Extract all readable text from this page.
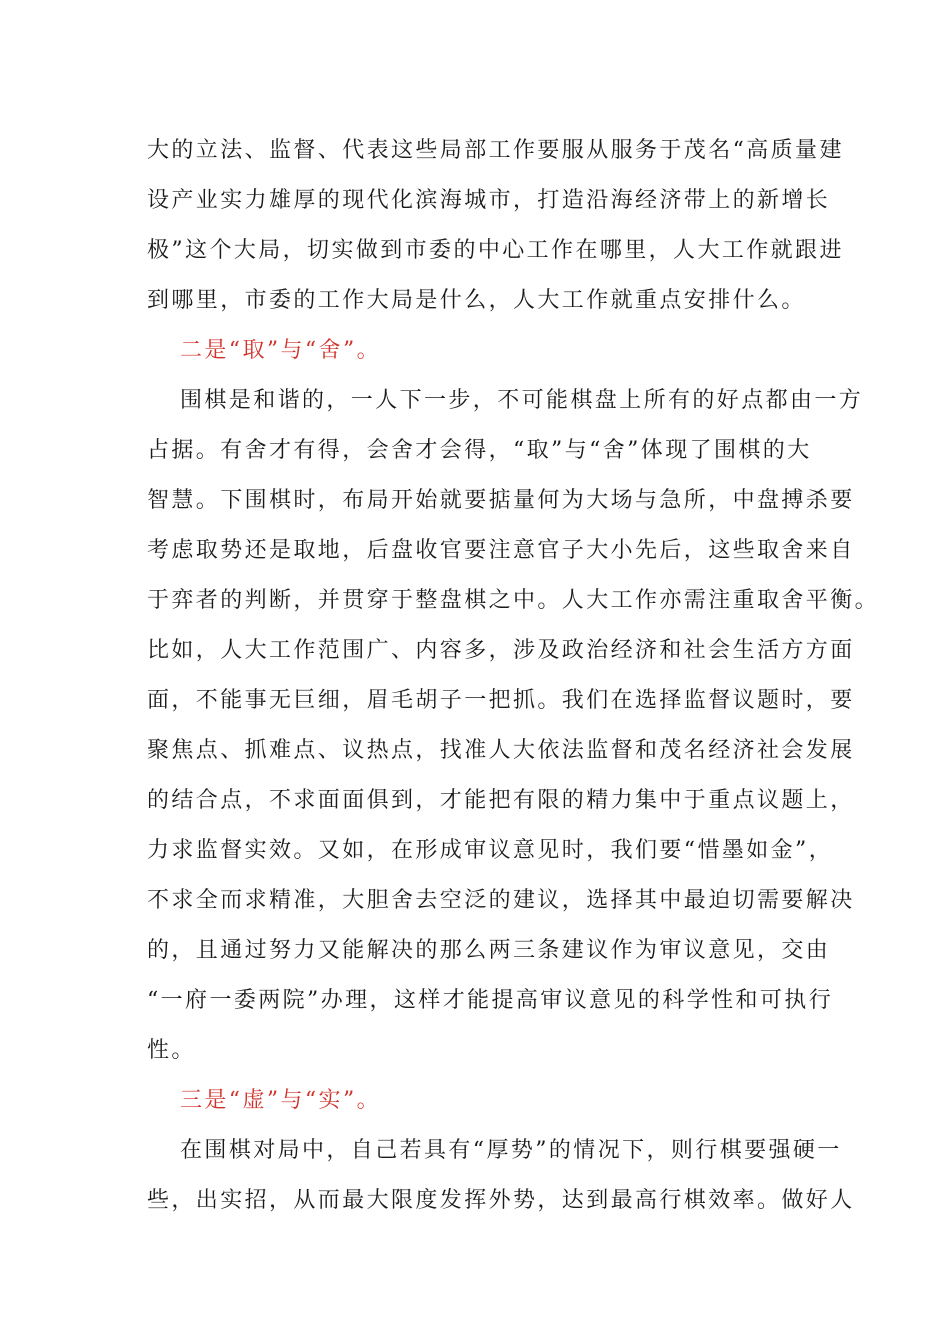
大的立法、监督、代表这些局部工作要服从服务于茂名“高质量建
设产业实力雄厚的现代化滨海城市，打造沿海经济带上的新增长
极”这个大局，切实做到市委的中心工作在哪里，人大工作就跟进
到哪里，市委的工作大局是什么，人大工作就重点安排什么。
二是“取”与“舍”。
围棋是和谐的，一人下一步，不可能棋盘上所有的好点都由一方
占据。有舍才有得，会舍才会得，“取”与“舍”体现了围棋的大
智慧。下围棋时，布局开始就要掂量何为大场与急所，中盘搏杀要
考虑取势还是取地，后盘收官要注意官子大小先后，这些取舍来自
于弈者的判断，并贯穿于整盘棋之中。人大工作亦需注重取舍平衡。
比如，人大工作范围广、内容多，涉及政治经济和社会生活方方面
面，不能事无巨细，眉毛胡子一把抓。我们在选择监督议题时，要
聚焦点、抓难点、议热点，找准人大依法监督和茂名经济社会发展
的结合点，不求面面俱到，才能把有限的精力集中于重点议题上，
力求监督实效。又如，在形成审议意见时，我们要“惜墨如金”，
不求全而求精准，大胆舍去空泛的建议，选择其中最迫切需要解决
的，且通过努力又能解决的那么两三条建议作为审议意见，交由
“一府一委两院”办理，这样才能提高审议意见的科学性和可执行
性。
三是“虚”与“实”。
在围棋对局中，自己若具有“厚势”的情况下，则行棋要强硬一
些，出实招，从而最大限度发挥外势，达到最高行棋效率。做好人
